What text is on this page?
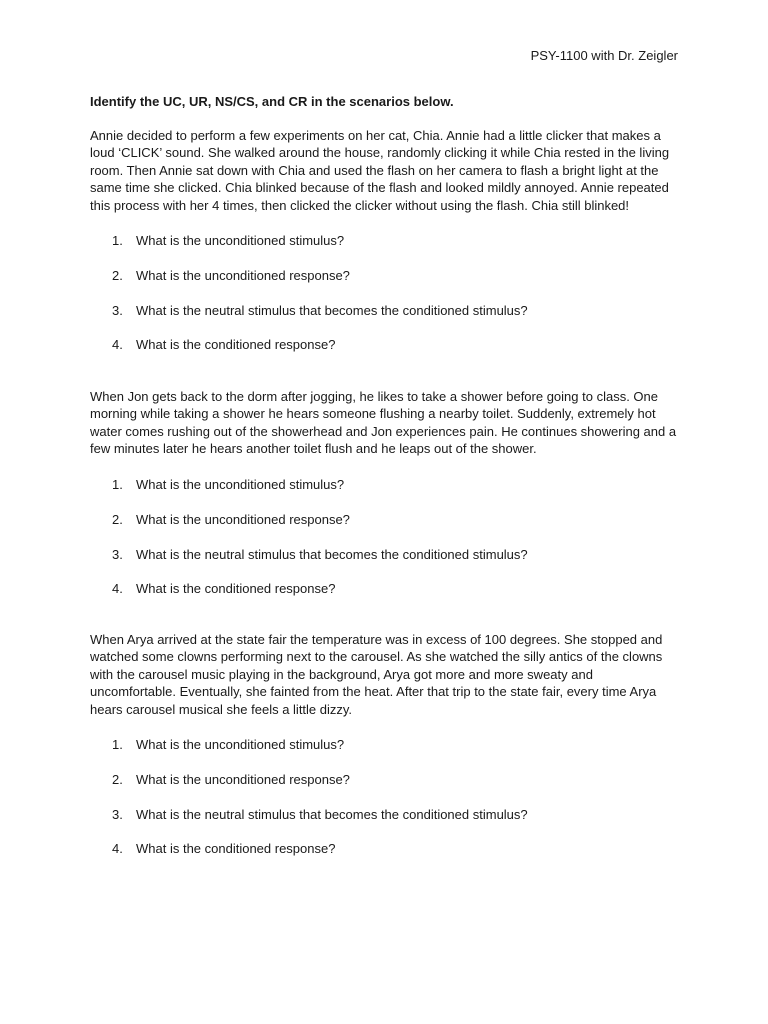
PSY-1100 with Dr. Zeigler
Identify the UC, UR, NS/CS, and CR in the scenarios below.

Annie decided to perform a few experiments on her cat, Chia. Annie had a little clicker that makes a loud ‘CLICK’ sound. She walked around the house, randomly clicking it while Chia rested in the living room. Then Annie sat down with Chia and used the flash on her camera to flash a bright light at the same time she clicked. Chia blinked because of the flash and looked mildly annoyed. Annie repeated this process with her 4 times, then clicked the clicker without using the flash. Chia still blinked!

1. What is the unconditioned stimulus?
2. What is the unconditioned response?
3. What is the neutral stimulus that becomes the conditioned stimulus?
4. What is the conditioned response?

When Jon gets back to the dorm after jogging, he likes to take a shower before going to class. One morning while taking a shower he hears someone flushing a nearby toilet. Suddenly, extremely hot water comes rushing out of the showerhead and Jon experiences pain. He continues showering and a few minutes later he hears another toilet flush and he leaps out of the shower.

1. What is the unconditioned stimulus?
2. What is the unconditioned response?
3. What is the neutral stimulus that becomes the conditioned stimulus?
4. What is the conditioned response?

When Arya arrived at the state fair the temperature was in excess of 100 degrees. She stopped and watched some clowns performing next to the carousel. As she watched the silly antics of the clowns with the carousel music playing in the background, Arya got more and more sweaty and uncomfortable. Eventually, she fainted from the heat. After that trip to the state fair, every time Arya hears carousel musical she feels a little dizzy.

1. What is the unconditioned stimulus?
2. What is the unconditioned response?
3. What is the neutral stimulus that becomes the conditioned stimulus?
4. What is the conditioned response?
